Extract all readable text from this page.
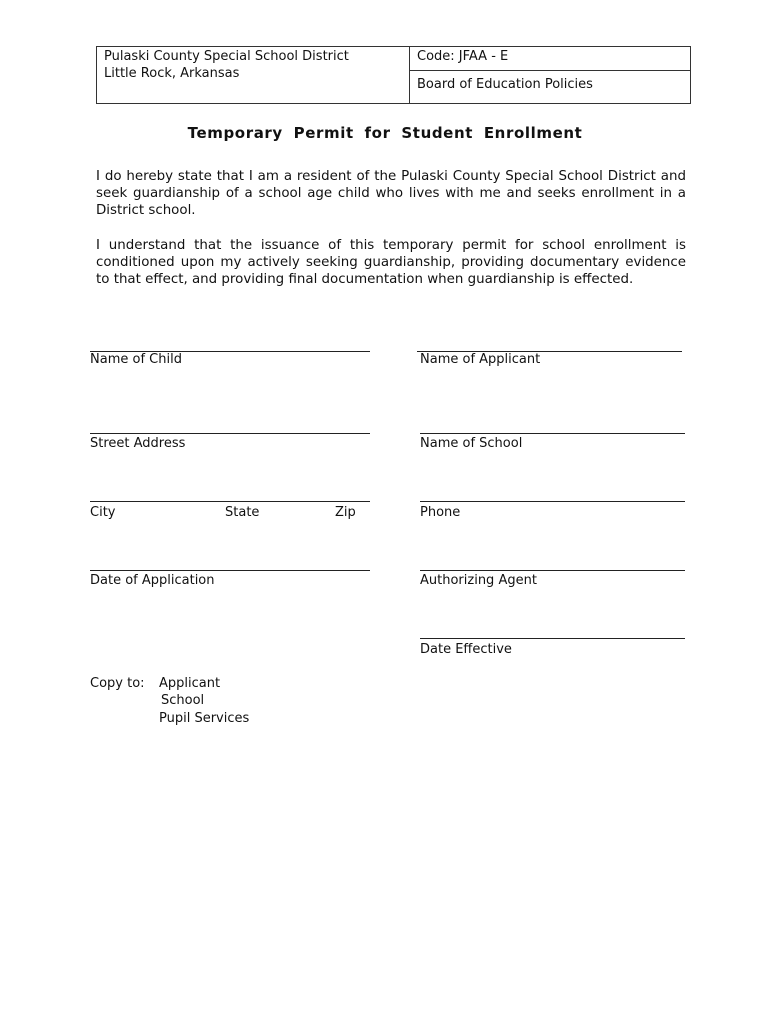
Pulaski County Special School District
Little Rock, Arkansas
Code: JFAA - E
Board of Education Policies
Temporary Permit for Student Enrollment
I do hereby state that I am a resident of the Pulaski County Special School District and seek guardianship of a school age child who lives with me and seeks enrollment in a District school.
I understand that the issuance of this temporary permit for school enrollment is conditioned upon my actively seeking guardianship, providing documentary evidence to that effect, and providing final documentation when guardianship is effected.
Name of Child	Name of Applicant
Street Address	Name of School
City	State	Zip	Phone
Date of Application	Authorizing Agent
Date Effective
Copy to: Applicant
School
Pupil Services
